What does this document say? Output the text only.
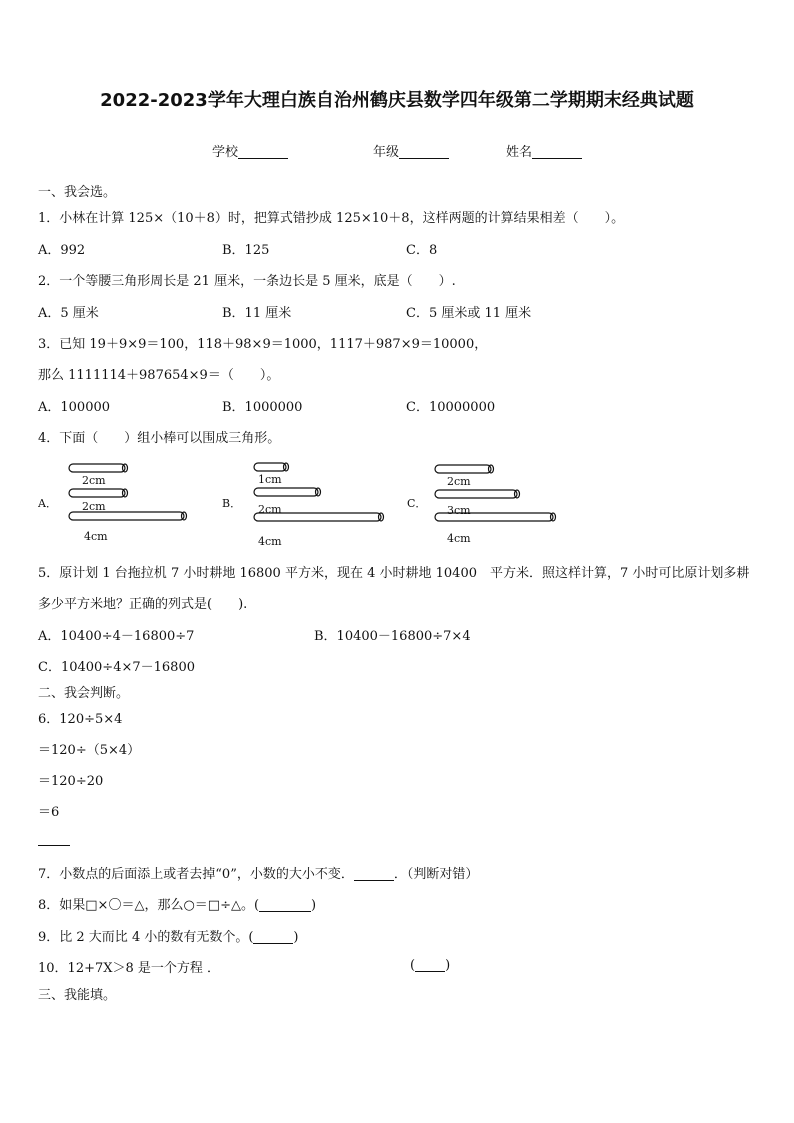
2022-2023学年大理白族自治州鹤庆县数学四年级第二学期期末经典试题
学校	年级	姓名
一、我会选。
1．小林在计算 125×（10＋8）时，把算式错抄成 125×10＋8，这样两题的计算结果相差（　　）。
A．992	B．125	C．8
2．一个等腰三角形周长是 21 厘米，一条边长是 5 厘米，底是（　　）.
A．5 厘米	B．11 厘米	C．5 厘米或 11 厘米
3．已知 19＋9×9＝100，118＋98×9＝1000，1117＋987×9＝10000，
那么 1111114＋987654×9＝（　　）。
A．100000	B．1000000	C．10000000
4．下面（　　）组小棒可以围成三角形。
A．
2cm
2cm
4cm
B．
1cm
2cm
4cm
C．
2cm
3cm
4cm
5．原计划 1 台拖拉机 7 小时耕地 16800 平方米，现在 4 小时耕地 10400　平方米．照这样计算，7 小时可比原计划多耕
多少平方米地？正确的列式是(　　).
A．10400÷4－16800÷7	B．10400－16800÷7×4
C．10400÷4×7－16800
二、我会判断。
6．120÷5×4
＝120÷（5×4）
＝120÷20
＝6
7．小数点的后面添上或者去掉“0”，小数的大小不变．	．（判断对错）
8．如果□×〇＝△，那么○＝□÷△。(	)
9．比 2 大而比 4 小的数有无数个。(	)
10．12+7X＞8 是一个方程 ．	( )
三、我能填。
